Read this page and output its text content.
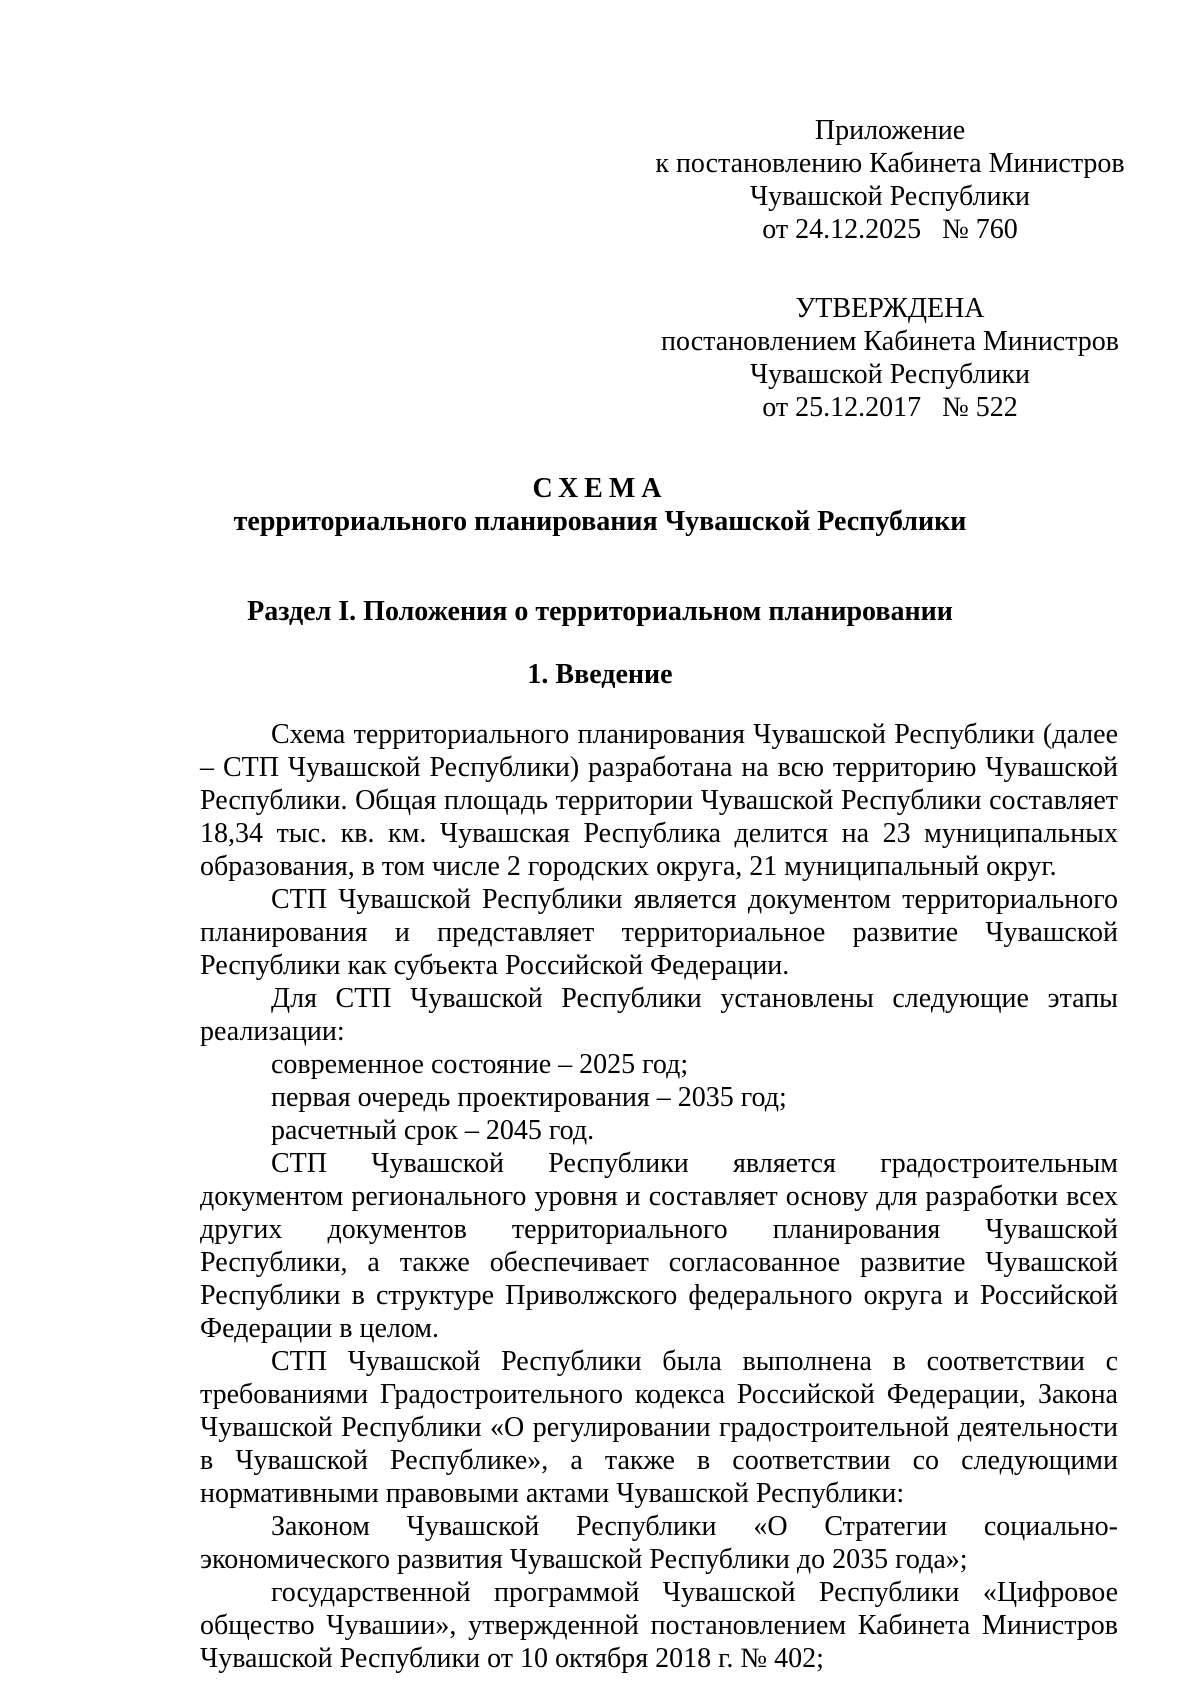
Приложение
к постановлению Кабинета Министров
Чувашской Республики
от 24.12.2025   № 760
УТВЕРЖДЕНА
постановлением Кабинета Министров
Чувашской Республики
от 25.12.2017   № 522
СХЕМА
территориального планирования Чувашской Республики
Раздел I. Положения о территориальном планировании
1. Введение

Схема территориального планирования Чувашской Республики (далее – СТП Чувашской Республики) разработана на всю территорию Чувашской Республики. Общая площадь территории Чувашской Республики составляет 18,34 тыс. кв. км. Чувашская Республика делится на 23 муниципальных образования, в том числе 2 городских округа, 21 муниципальный округ.

СТП Чувашской Республики является документом территориального планирования и представляет территориальное развитие Чувашской Республики как субъекта Российской Федерации.

Для СТП Чувашской Республики установлены следующие этапы реализации:

современное состояние – 2025 год;

первая очередь проектирования – 2035 год;

расчетный срок – 2045 год.

СТП Чувашской Республики является градостроительным документом регионального уровня и составляет основу для разработки всех других документов территориального планирования Чувашской Республики, а также обеспечивает согласованное развитие Чувашской Республики в структуре Приволжского федерального округа и Российской Федерации в целом.

СТП Чувашской Республики была выполнена в соответствии с требованиями Градостроительного кодекса Российской Федерации, Закона Чувашской Республики «О регулировании градостроительной деятельности в Чувашской Республике», а также в соответствии со следующими нормативными правовыми актами Чувашской Республики:

Законом Чувашской Республики «О Стратегии социально-экономического развития Чувашской Республики до 2035 года»;

государственной программой Чувашской Республики «Цифровое общество Чувашии», утвержденной постановлением Кабинета Министров Чувашской Республики от 10 октября 2018 г. № 402;
